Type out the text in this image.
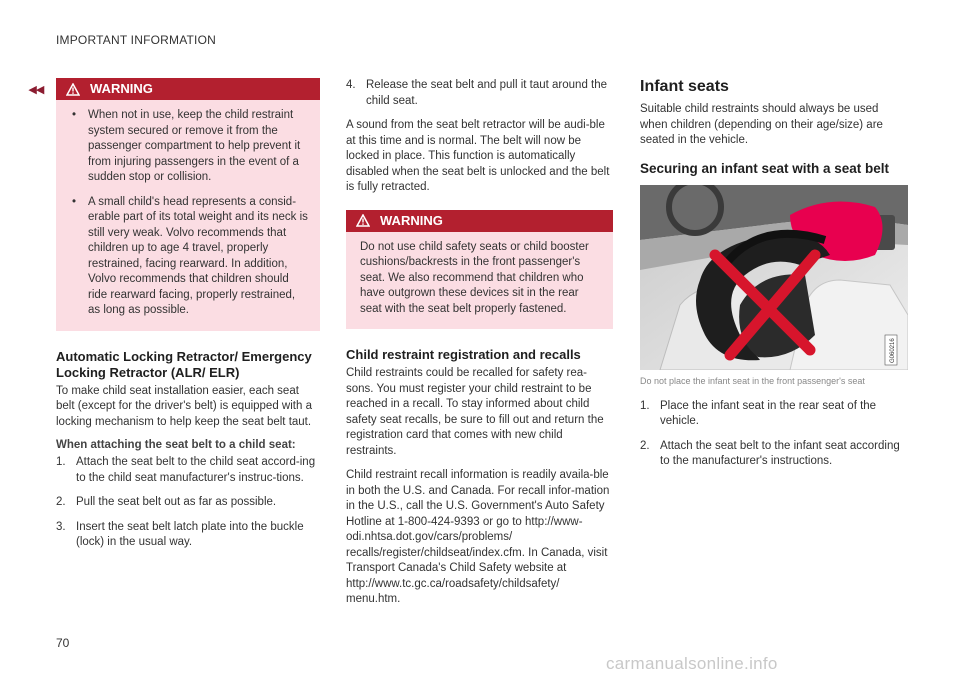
IMPORTANT INFORMATION
◂◂	WARNING
• When not in use, keep the child restraint system secured or remove it from the passenger compartment to help prevent it from injuring passengers in the event of a sudden stop or collision.
• A small child's head represents a consid-erable part of its total weight and its neck is still very weak. Volvo recommends that children up to age 4 travel, properly restrained, facing rearward. In addition, Volvo recommends that children should ride rearward facing, properly restrained, as long as possible.
Automatic Locking Retractor/ Emergency Locking Retractor (ALR/ ELR)

To make child seat installation easier, each seat belt (except for the driver's belt) is equipped with a locking mechanism to help keep the seat belt taut.

When attaching the seat belt to a child seat:
1. Attach the seat belt to the child seat accord-ing to the child seat manufacturer's instruc-tions.
2. Pull the seat belt out as far as possible.
3. Insert the seat belt latch plate into the buckle (lock) in the usual way.
4. Release the seat belt and pull it taut around the child seat.

A sound from the seat belt retractor will be audi-ble at this time and is normal. The belt will now be locked in place. This function is automatically disabled when the seat belt is unlocked and the belt is fully retracted.

WARNING

Do not use child safety seats or child booster cushions/backrests in the front passenger's seat. We also recommend that children who have outgrown these devices sit in the rear seat with the seat belt properly fastened.

Child restraint registration and recalls

Child restraints could be recalled for safety rea-sons. You must register your child restraint to be reached in a recall. To stay informed about child safety seat recalls, be sure to fill out and return the registration card that comes with new child restraints.

Child restraint recall information is readily availa-ble in both the U.S. and Canada. For recall infor-mation in the U.S., call the U.S. Government's Auto Safety Hotline at 1-800-424-9393 or go to http://www-odi.nhtsa.dot.gov/cars/problems/ recalls/register/childseat/index.cfm. In Canada, visit Transport Canada's Child Safety website at http://www.tc.gc.ca/roadsafety/childsafety/ menu.htm.

Infant seats

Suitable child restraints should always be used when children (depending on their age/size) are seated in the vehicle.

Securing an infant seat with a seat belt
G060216
Do not place the infant seat in the front passenger's seat
1. Place the infant seat in the rear seat of the vehicle.
2. Attach the seat belt to the infant seat according to the manufacturer's instructions.
70
carmanualsonline.info
